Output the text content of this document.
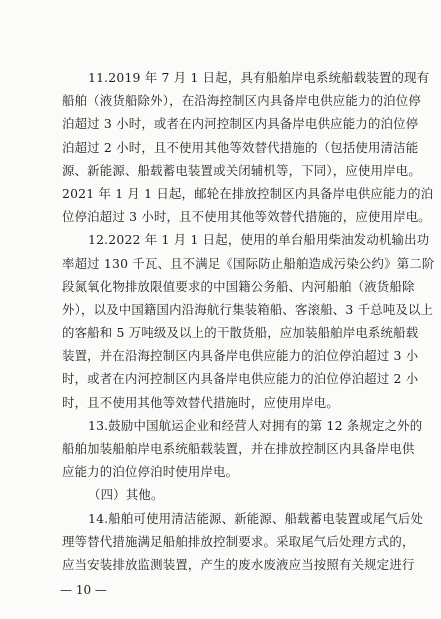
11.2019 年 7 月 1 日起，具有船舶岸电系统船载装置的现有
船舶（液货船除外），在沿海控制区内具备岸电供应能力的泊位停
泊超过 3 小时，或者在内河控制区内具备岸电供应能力的泊位停
泊超过 2 小时，且不使用其他等效替代措施的（包括使用清洁能
源、新能源、船载蓄电装置或关闭辅机等，下同），应使用岸电。
2021 年 1 月 1 日起，邮轮在排放控制区内具备岸电供应能力的泊
位停泊超过 3 小时，且不使用其他等效替代措施的，应使用岸电。
12.2022 年 1 月 1 日起，使用的单台船用柴油发动机输出功
率超过 130 千瓦、且不满足《国际防止船舶造成污染公约》第二阶
段氮氧化物排放限值要求的中国籍公务船、内河船舶（液货船除
外），以及中国籍国内沿海航行集装箱船、客滚船、3 千总吨及以上
的客船和 5 万吨级及以上的干散货船，应加装船舶岸电系统船载
装置，并在沿海控制区内具备岸电供应能力的泊位停泊超过 3 小
时，或者在内河控制区内具备岸电供应能力的泊位停泊超过 2 小
时，且不使用其他等效替代措施时，应使用岸电。
13.鼓励中国航运企业和经营人对拥有的第 12 条规定之外的
船舶加装船舶岸电系统船载装置，并在排放控制区内具备岸电供
应能力的泊位停泊时使用岸电。
（四）其他。
14.船舶可使用清洁能源、新能源、船载蓄电装置或尾气后处
理等替代措施满足船舶排放控制要求。采取尾气后处理方式的，
应当安装排放监测装置，产生的废水废液应当按照有关规定进行
— 10 —
